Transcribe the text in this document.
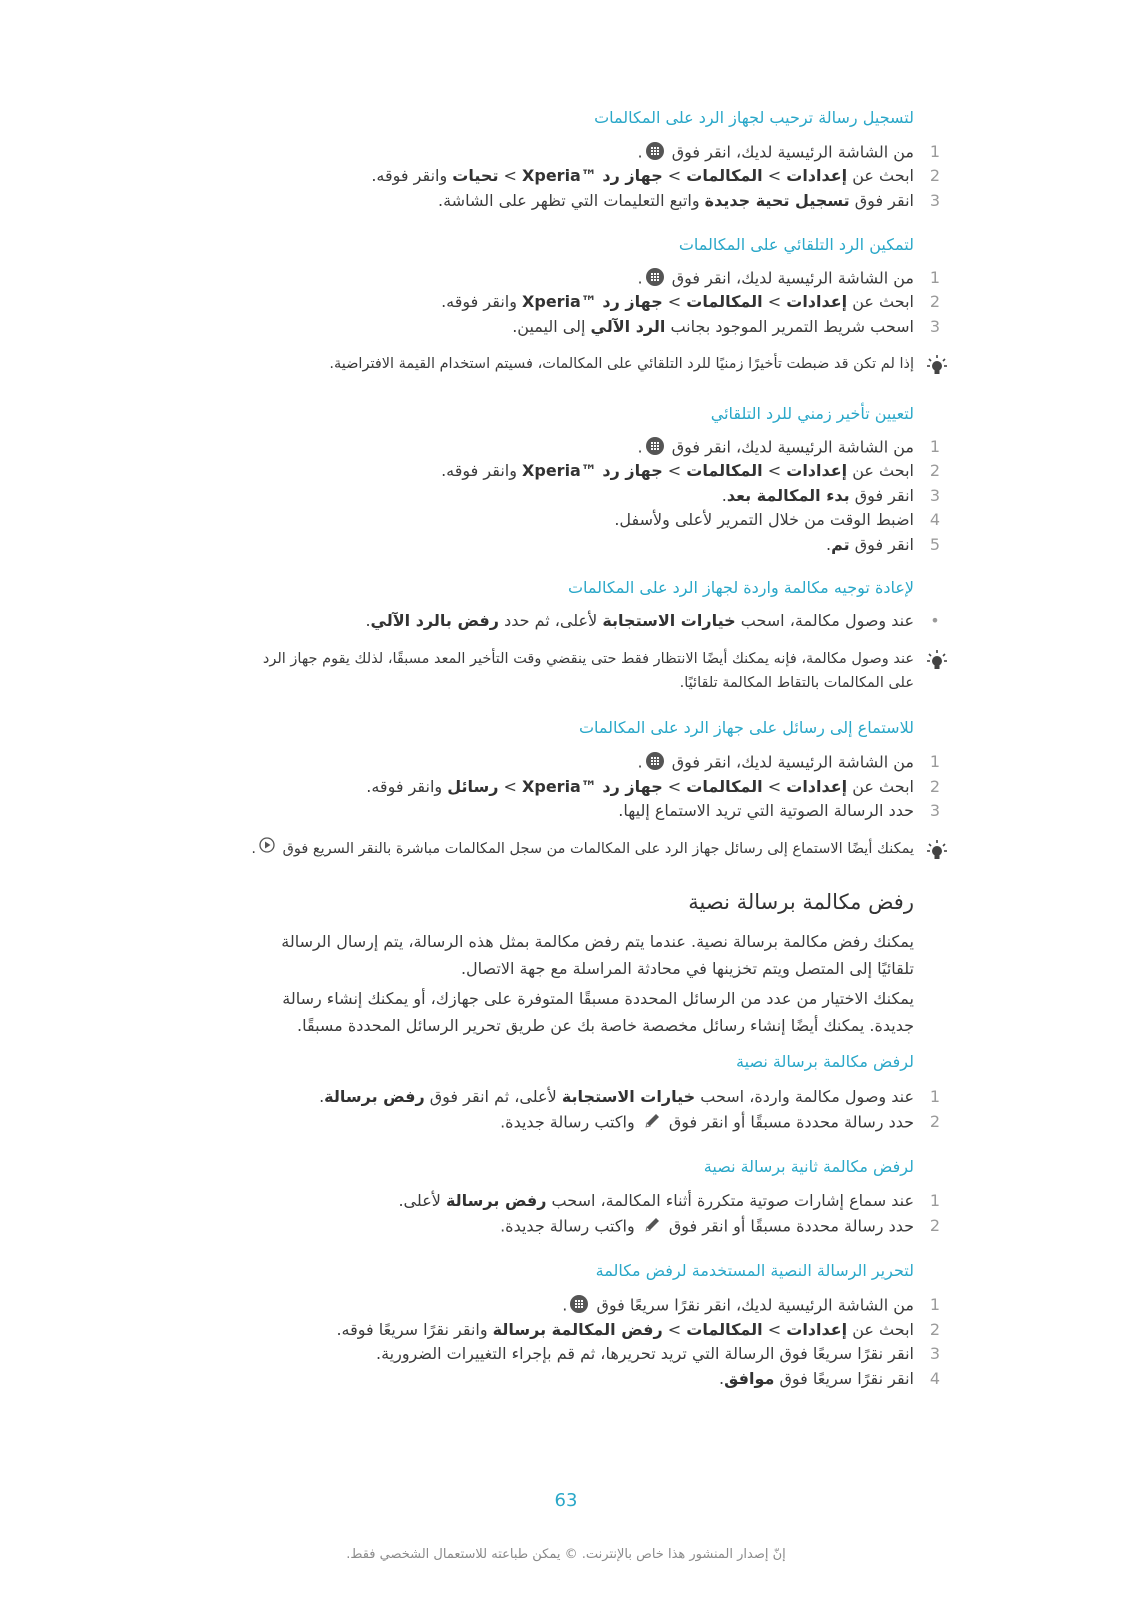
لتسجيل رسالة ترحيب لجهاز الرد على المكالمات
1
من الشاشة الرئيسية لديك، انقر فوق .
2
ابحث عن إعدادات > المكالمات > جهاز رد ™Xperia > تحيات وانقر فوقه.
3
انقر فوق تسجيل تحية جديدة واتبع التعليمات التي تظهر على الشاشة.
لتمكين الرد التلقائي على المكالمات
1
من الشاشة الرئيسية لديك، انقر فوق .
2
ابحث عن إعدادات > المكالمات > جهاز رد ™Xperia وانقر فوقه.
3
اسحب شريط التمرير الموجود بجانب الرد الآلي إلى اليمين.
إذا لم تكن قد ضبطت تأخيرًا زمنيًا للرد التلقائي على المكالمات، فسيتم استخدام القيمة الافتراضية.
لتعيين تأخير زمني للرد التلقائي
1
من الشاشة الرئيسية لديك، انقر فوق .
2
ابحث عن إعدادات > المكالمات > جهاز رد ™Xperia وانقر فوقه.
3
انقر فوق بدء المكالمة بعد.
4
اضبط الوقت من خلال التمرير لأعلى ولأسفل.
5
انقر فوق تم.
لإعادة توجيه مكالمة واردة لجهاز الرد على المكالمات
•
عند وصول مكالمة، اسحب خيارات الاستجابة لأعلى، ثم حدد رفض بالرد الآلي.
عند وصول مكالمة، فإنه يمكنك أيضًا الانتظار فقط حتى ينقضي وقت التأخير المعد مسبقًا، لذلك يقوم جهاز الرد
على المكالمات بالتقاط المكالمة تلقائيًا.
للاستماع إلى رسائل على جهاز الرد على المكالمات
1
من الشاشة الرئيسية لديك، انقر فوق .
2
ابحث عن إعدادات > المكالمات > جهاز رد ™Xperia > رسائل وانقر فوقه.
3
حدد الرسالة الصوتية التي تريد الاستماع إليها.
يمكنك أيضًا الاستماع إلى رسائل جهاز الرد على المكالمات من سجل المكالمات مباشرة بالنقر السريع فوق .
رفض مكالمة برسالة نصية
يمكنك رفض مكالمة برسالة نصية. عندما يتم رفض مكالمة بمثل هذه الرسالة، يتم إرسال الرسالة
تلقائيًا إلى المتصل ويتم تخزينها في محادثة المراسلة مع جهة الاتصال.
يمكنك الاختيار من عدد من الرسائل المحددة مسبقًا المتوفرة على جهازك، أو يمكنك إنشاء رسالة
جديدة. يمكنك أيضًا إنشاء رسائل مخصصة خاصة بك عن طريق تحرير الرسائل المحددة مسبقًا.
لرفض مكالمة برسالة نصية
1
عند وصول مكالمة واردة، اسحب خيارات الاستجابة لأعلى، ثم انقر فوق رفض برسالة.
2
حدد رسالة محددة مسبقًا أو انقر فوق  واكتب رسالة جديدة.
لرفض مكالمة ثانية برسالة نصية
1
عند سماع إشارات صوتية متكررة أثناء المكالمة، اسحب رفض برسالة لأعلى.
2
حدد رسالة محددة مسبقًا أو انقر فوق  واكتب رسالة جديدة.
لتحرير الرسالة النصية المستخدمة لرفض مكالمة
1
من الشاشة الرئيسية لديك، انقر نقرًا سريعًا فوق .
2
ابحث عن إعدادات > المكالمات > رفض المكالمة برسالة وانقر نقرًا سريعًا فوقه.
3
انقر نقرًا سريعًا فوق الرسالة التي تريد تحريرها، ثم قم بإجراء التغييرات الضرورية.
4
انقر نقرًا سريعًا فوق موافق.
63
إنّ إصدار المنشور هذا خاص بالإنترنت. © يمكن طباعته للاستعمال الشخصي فقط.
